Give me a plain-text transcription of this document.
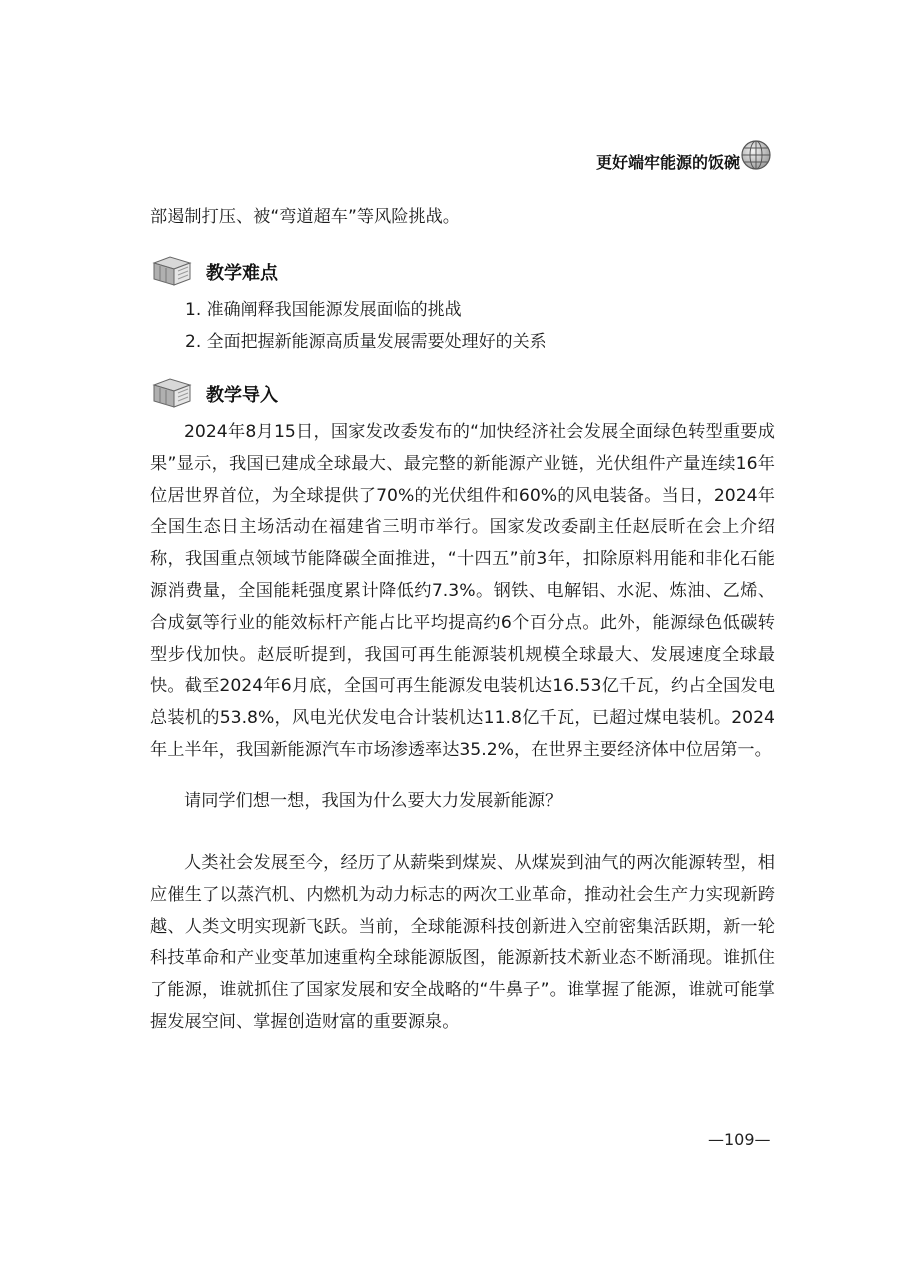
更好端牢能源的饭碗

部遏制打压、被“弯道超车”等风险挑战。

教学难点
1. 准确阐释我国能源发展面临的挑战
2. 全面把握新能源高质量发展需要处理好的关系
教学导入

2024年8月15日，国家发改委发布的“加快经济社会发展全面绿色转型重要成果”显示，我国已建成全球最大、最完整的新能源产业链，光伏组件产量连续16年位居世界首位，为全球提供了70%的光伏组件和60%的风电装备。当日，2024年全国生态日主场活动在福建省三明市举行。国家发改委副主任赵辰昕在会上介绍称，我国重点领域节能降碳全面推进，“十四五”前3年，扣除原料用能和非化石能源消费量，全国能耗强度累计降低约7.3%。钢铁、电解铝、水泥、炼油、乙烯、合成氨等行业的能效标杆产能占比平均提高约6个百分点。此外，能源绿色低碳转型步伐加快。赵辰昕提到，我国可再生能源装机规模全球最大、发展速度全球最快。截至2024年6月底，全国可再生能源发电装机达16.53亿千瓦，约占全国发电总装机的53.8%，风电光伏发电合计装机达11.8亿千瓦，已超过煤电装机。2024年上半年，我国新能源汽车市场渗透率达35.2%，在世界主要经济体中位居第一。

请同学们想一想，我国为什么要大力发展新能源？

人类社会发展至今，经历了从薪柴到煤炭、从煤炭到油气的两次能源转型，相应催生了以蒸汽机、内燃机为动力标志的两次工业革命，推动社会生产力实现新跨越、人类文明实现新飞跃。当前，全球能源科技创新进入空前密集活跃期，新一轮科技革命和产业变革加速重构全球能源版图，能源新技术新业态不断涌现。谁抓住了能源，谁就抓住了国家发展和安全战略的“牛鼻子”。谁掌握了能源，谁就可能掌握发展空间、掌握创造财富的重要源泉。

—109—
